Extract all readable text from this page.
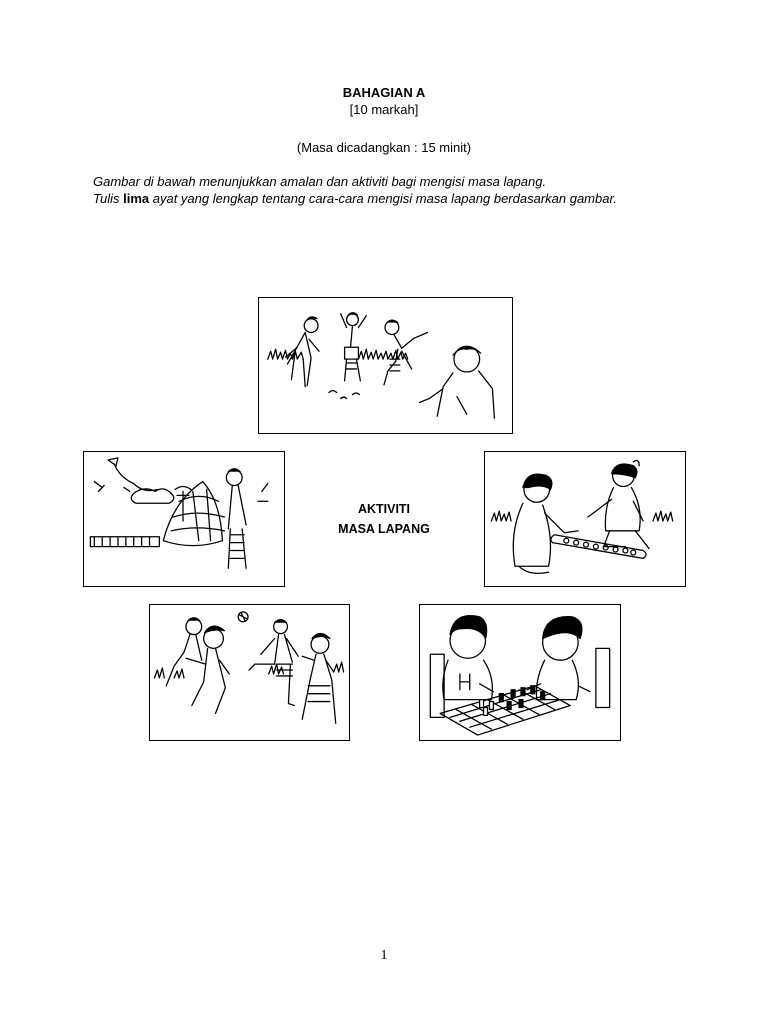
BAHAGIAN A
[10 markah]
(Masa dicadangkan : 15 minit)
Gambar di bawah menunjukkan amalan dan aktiviti bagi mengisi masa lapang.
Tulis lima ayat yang lengkap tentang cara-cara mengisi masa lapang berdasarkan gambar.
AKTIVITI
MASA LAPANG
1
